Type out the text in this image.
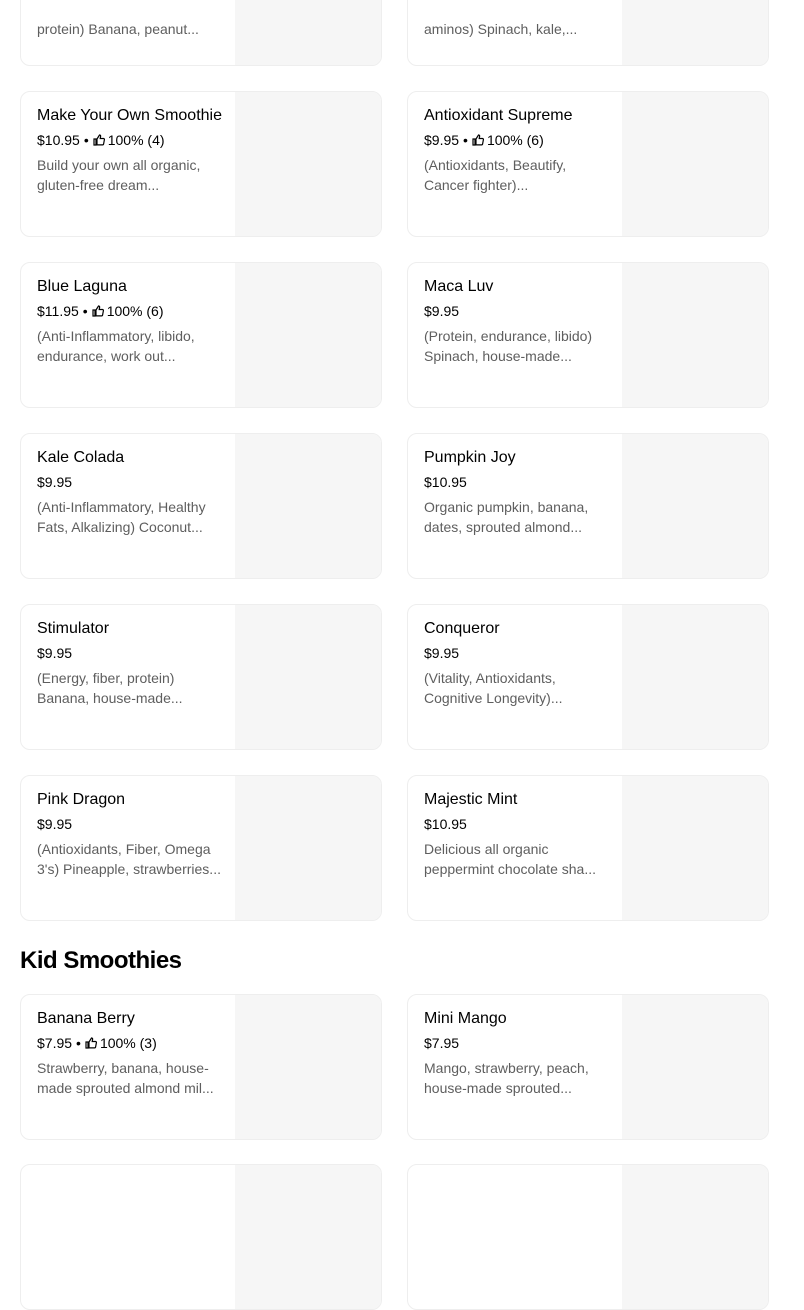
protein) Banana, peanut...	aminos) Spinach, kale,...
Make Your Own Smoothie
$10.95 • 100% (4)
Build your own all organic, gluten-free dream...
Antioxidant Supreme
$9.95 • 100% (6)
(Antioxidants, Beautify, Cancer fighter)...
Blue Laguna
$11.95 • 100% (6)
(Anti-Inflammatory, libido, endurance, work out...
Maca Luv
$9.95
(Protein, endurance, libido) Spinach, house-made...
Kale Colada
$9.95
(Anti-Inflammatory, Healthy Fats, Alkalizing) Coconut...
Pumpkin Joy
$10.95
Organic pumpkin, banana, dates, sprouted almond...
Stimulator
$9.95
(Energy, fiber, protein) Banana, house-made...
Conqueror
$9.95
(Vitality, Antioxidants, Cognitive Longevity)...
Pink Dragon
$9.95
(Antioxidants, Fiber, Omega 3's) Pineapple, strawberries...
Majestic Mint
$10.95
Delicious all organic peppermint chocolate sha...
Kid Smoothies
Banana Berry
$7.95 • 100% (3)
Strawberry, banana, house-made sprouted almond mil...
Mini Mango
$7.95
Mango, strawberry, peach, house-made sprouted...
